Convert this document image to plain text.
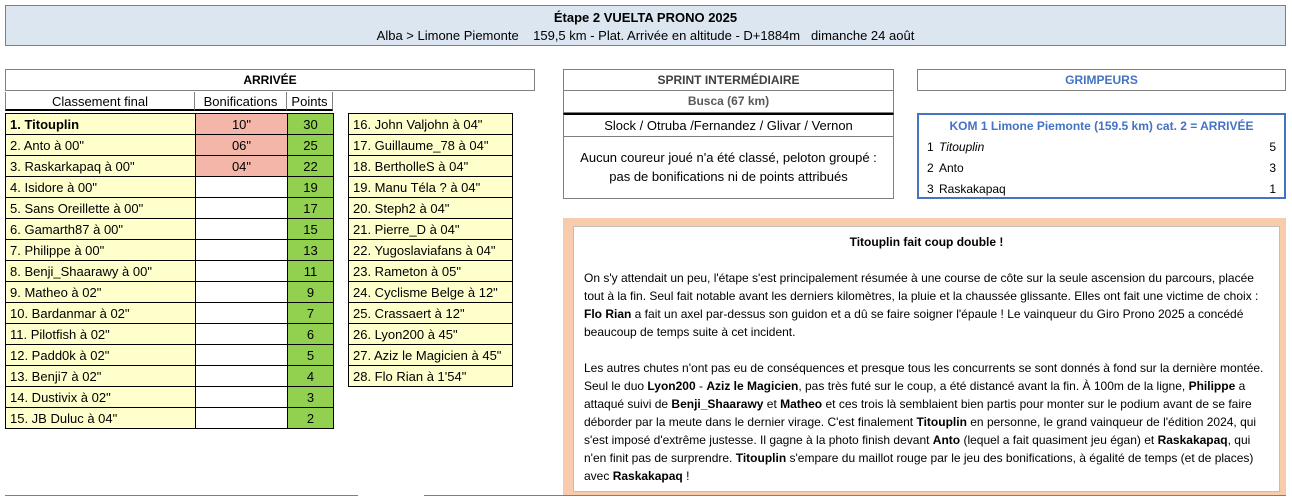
Étape 2 VUELTA PRONO 2025
Alba > Limone Piemonte    159,5 km - Plat. Arrivée en altitude - D+1884m   dimanche 24 août
ARRIVÉE
Classement final	Bonifications	Points
1. Titouplin	10"	30
2. Anto à 00"	06"	25
3. Raskarkapaq à 00"	04"	22
4. Isidore à 00"		19
5. Sans Oreillette à 00"		17
6. Gamarth87 à 00"		15
7. Philippe à 00"		13
8. Benji_Shaarawy à 00"		11
9. Matheo à 02"		9
10. Bardanmar à 02"		7
11. Pilotfish à 02"		6
12. Padd0k à 02"		5
13. Benji7 à 02"		4
14. Dustivix à 02"		3
15. JB Duluc à 04"		2
16. John Valjohn à 04"
17. Guillaume_78 à 04"
18. BertholleS à 04"
19. Manu Téla ? à 04"
20. Steph2 à 04"
21. Pierre_D à 04"
22. Yugoslaviafans à 04"
23. Rameton à 05"
24. Cyclisme Belge à 12"
25. Crassaert à 12"
26. Lyon200 à 45"
27. Aziz le Magicien à 45"
28. Flo Rian à 1'54"
SPRINT INTERMÉDIAIRE
Busca (67 km)
Slock / Otruba /Fernandez / Glivar / Vernon
Aucun coureur joué n'a été classé, peloton groupé :
pas de bonifications ni de points attribués
GRIMPEURS
KOM 1 Limone Piemonte (159.5 km) cat. 2 = ARRIVÉE
1 Titouplin	5
2 Anto	3
3 Raskakapaq	1
Titouplin fait coup double !

On s'y attendait un peu, l'étape s'est principalement résumée à une course de côte sur la seule ascension du parcours, placée tout à la fin. Seul fait notable avant les derniers kilomètres, la pluie et la chaussée glissante. Elles ont fait une victime de choix : Flo Rian a fait un axel par-dessus son guidon et a dû se faire soigner l'épaule ! Le vainqueur du Giro Prono 2025 a concédé beaucoup de temps suite à cet incident.

Les autres chutes n'ont pas eu de conséquences et presque tous les concurrents se sont donnés à fond sur la dernière montée. Seul le duo Lyon200 - Aziz le Magicien, pas très futé sur le coup, a été distancé avant la fin. À 100m de la ligne, Philippe a attaqué suivi de Benji_Shaarawy et Matheo et ces trois là semblaient bien partis pour monter sur le podium avant de se faire déborder par la meute dans le dernier virage. C'est finalement Titouplin en personne, le grand vainqueur de l'édition 2024, qui s'est imposé d'extrême justesse. Il gagne à la photo finish devant Anto (lequel a fait quasiment jeu égan) et Raskakapaq, qui n'en finit pas de surprendre. Titouplin s'empare du maillot rouge par le jeu des bonifications, à égalité de temps (et de places) avec Raskakapaq !
